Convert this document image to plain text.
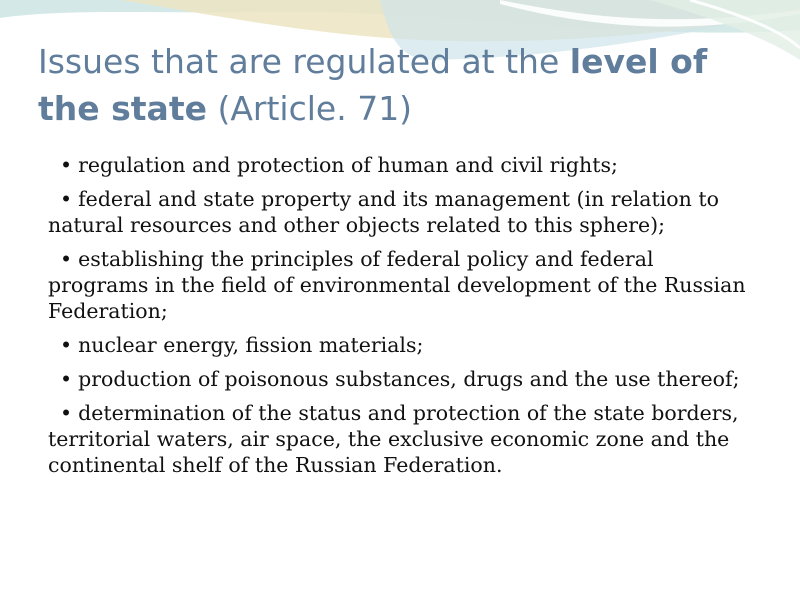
Issues that are regulated at the level of the state (Article. 71)
• regulation and protection of human and civil rights;
• federal and state property and its management (in relation to natural resources and other objects related to this sphere);
• establishing the principles of federal policy and federal programs in the field of environmental development of the Russian Federation;
• nuclear energy, fission materials;
• production of poisonous substances, drugs and the use thereof;
• determination of the status and protection of the state borders, territorial waters, air space, the exclusive economic zone and the continental shelf of the Russian Federation.
